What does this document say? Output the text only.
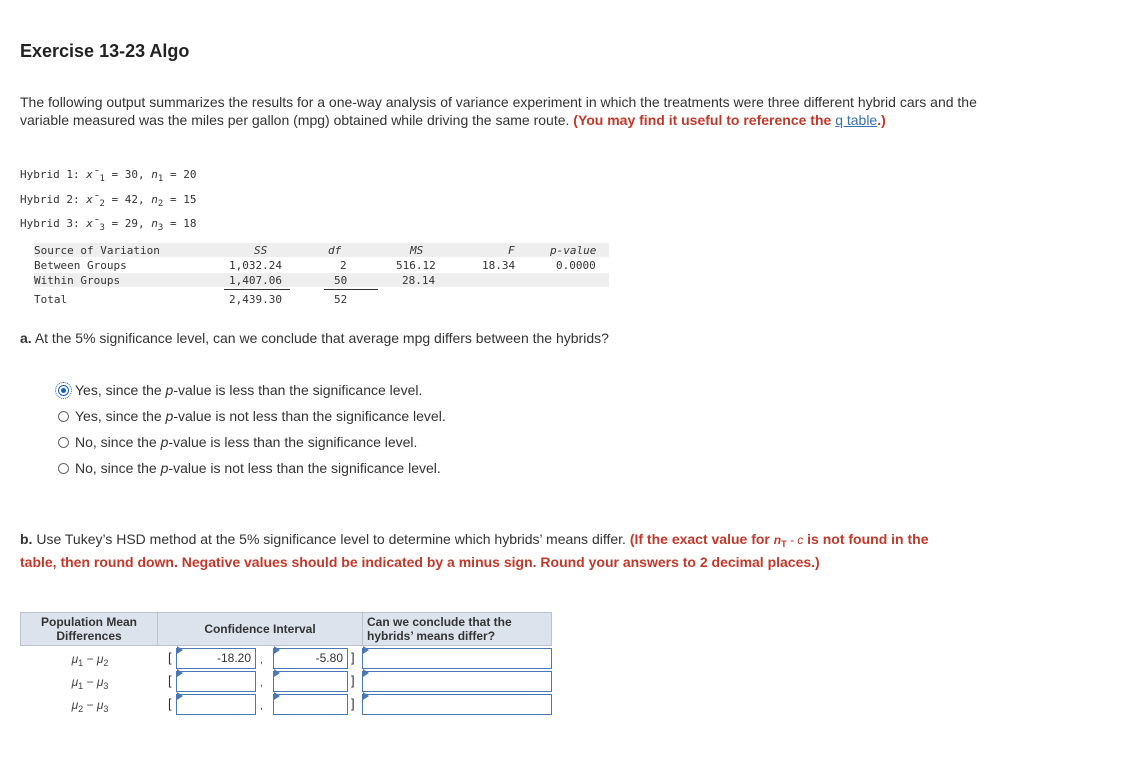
Exercise 13-23 Algo
The following output summarizes the results for a one-way analysis of variance experiment in which the treatments were three different hybrid cars and the variable measured was the miles per gallon (mpg) obtained while driving the same route. (You may find it useful to reference the q table.)
Hybrid 1: $x̄_1 = 30$, $n_1 = 20$
Hybrid 2: $x̄_2 = 42$, $n_2 = 15$
Hybrid 3: $x̄_3 = 29$, $n_3 = 18$
Source of Variation	SS	df	MS	F	p-value
Between Groups	1,032.24	2	516.12	18.34	0.0000
Within Groups	1,407.06	50	28.14
Total	2,439.30	52
a. At the 5% significance level, can we conclude that average mpg differs between the hybrids?
Yes, since the p-value is less than the significance level.
Yes, since the p-value is not less than the significance level.
No, since the p-value is less than the significance level.
No, since the p-value is not less than the significance level.
b. Use Tukey’s HSD method at the 5% significance level to determine which hybrids’ means differ. (If the exact value for $n_T$ - c is not found in the table, then round down. Negative values should be indicated by a minus sign. Round your answers to 2 decimal places.)
Population Mean Differences	Confidence Interval	Can we conclude that the hybrids’ means differ?
$\mu_1 - \mu_2$	[	-18.20 ,	-5.80 ]
$\mu_1 - \mu_3$	[	,	]
$\mu_2 - \mu_3$	[	,	]
